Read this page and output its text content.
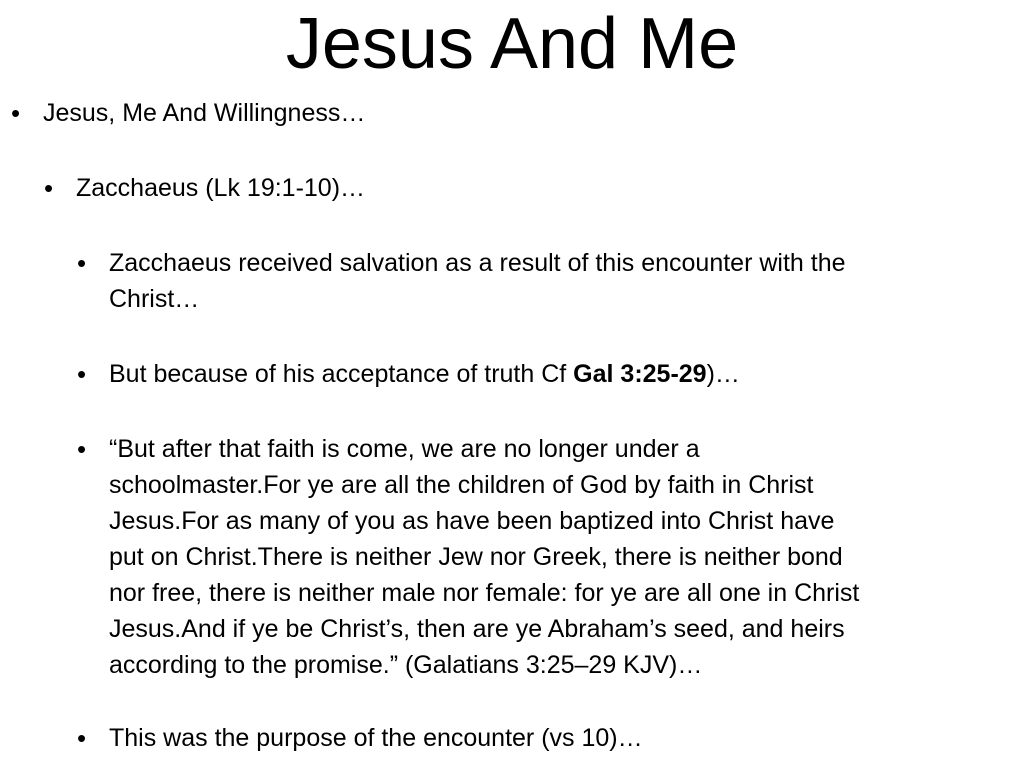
Jesus And Me
• Jesus, Me And Willingness…
• Zacchaeus (Lk 19:1-10)…
• Zacchaeus received salvation as a result of this encounter with the
Christ…
• But because of his acceptance of truth Cf Gal 3:25-29)…
• “But after that faith is come, we are no longer under a
schoolmaster.For ye are all the children of God by faith in Christ
Jesus.For as many of you as have been baptized into Christ have
put on Christ.There is neither Jew nor Greek, there is neither bond
nor free, there is neither male nor female: for ye are all one in Christ
Jesus.And if ye be Christ’s, then are ye Abraham’s seed, and heirs
according to the promise.” (Galatians 3:25–29 KJV)…
• This was the purpose of the encounter (vs 10)…
